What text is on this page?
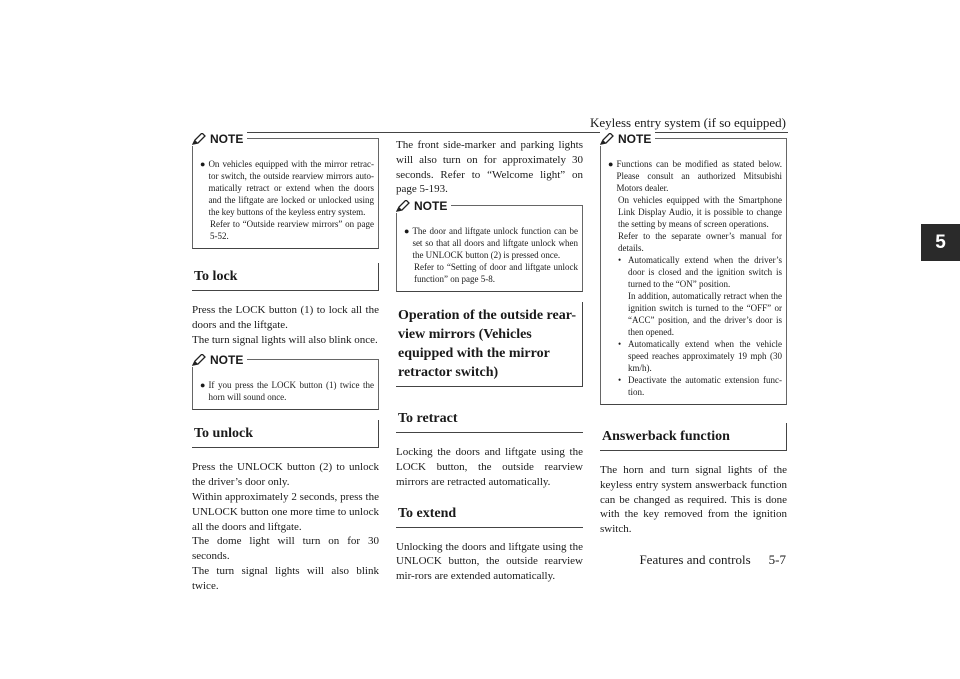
Keyless entry system (if so equipped)
5
NOTE
● On vehicles equipped with the mirror retrac-tor switch, the outside rearview mirrors auto-matically retract or extend when the doors and the liftgate are locked or unlocked using the key buttons of the keyless entry system.
Refer to “Outside rearview mirrors” on page 5-52.
To lock

Press the LOCK button (1) to lock all the doors and the liftgate.

The turn signal lights will also blink once.

NOTE
● If you press the LOCK button (1) twice the horn will sound once.
To unlock

Press the UNLOCK button (2) to unlock the driver’s door only.

Within approximately 2 seconds, press the UNLOCK button one more time to unlock all the doors and liftgate.

The dome light will turn on for 30 seconds.

The turn signal lights will also blink twice.

The front side-marker and parking lights will also turn on for approximately 30 seconds. Refer to “Welcome light” on page 5-193.

NOTE
● The door and liftgate unlock function can be set so that all doors and liftgate unlock when the UNLOCK button (2) is pressed once.
Refer to “Setting of door and liftgate unlock function” on page 5-8.
Operation of the outside rear-view mirrors (Vehicles equipped with the mirror retractor switch)
To retract

Locking the doors and liftgate using the LOCK button, the outside rearview mirrors are retracted automatically.

To extend

Unlocking the doors and liftgate using the UNLOCK button, the outside rearview mir-rors are extended automatically.

NOTE
● Functions can be modified as stated below. Please consult an authorized Mitsubishi Motors dealer.
On vehicles equipped with the Smartphone Link Display Audio, it is possible to change the setting by means of screen operations.
Refer to the separate owner’s manual for details.
• Automatically extend when the driver’s door is closed and the ignition switch is turned to the “ON” position.
In addition, automatically retract when the ignition switch is turned to the “OFF” or “ACC” position, and the driver’s door is then opened.
• Automatically extend when the vehicle speed reaches approximately 19 mph (30 km/h).
• Deactivate the automatic extension func-tion.
Answerback function

The horn and turn signal lights of the keyless entry system answerback function can be changed as required. This is done with the key removed from the ignition switch.

Features and controls 5-7
